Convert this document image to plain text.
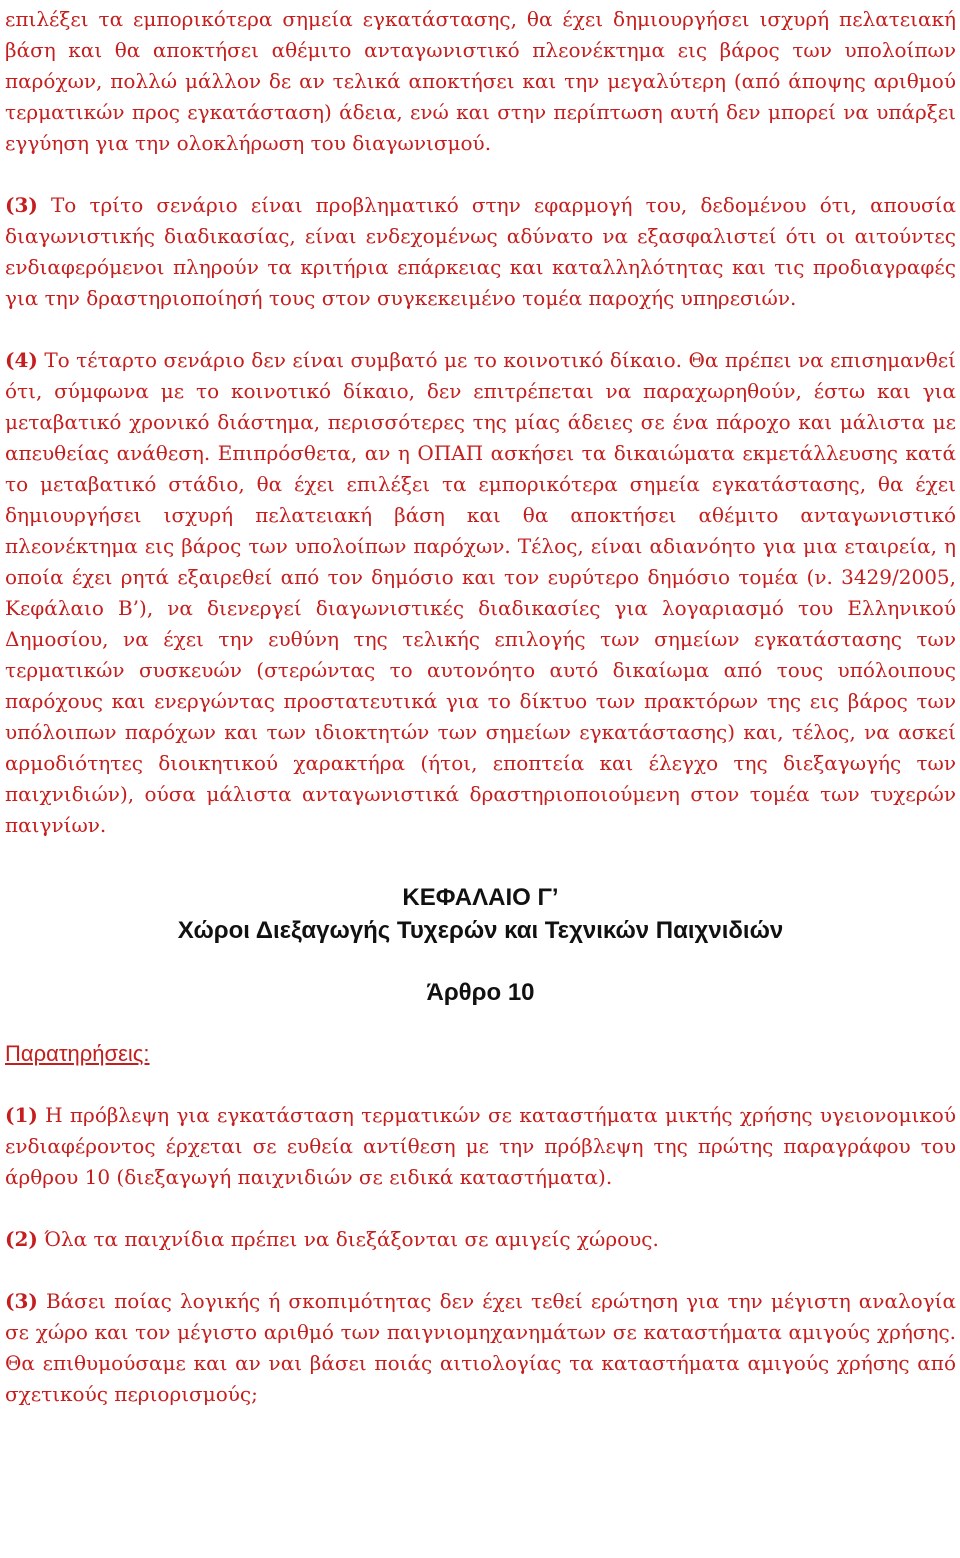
επιλέξει τα εμπορικότερα σημεία εγκατάστασης, θα έχει δημιουργήσει ισχυρή πελατειακή βάση και θα αποκτήσει αθέμιτο ανταγωνιστικό πλεονέκτημα εις βάρος των υπολοίπων παρόχων, πολλώ μάλλον δε αν τελικά αποκτήσει και την μεγαλύτερη (από άποψης αριθμού τερματικών προς εγκατάσταση) άδεια, ενώ και στην περίπτωση αυτή δεν μπορεί να υπάρξει εγγύηση για την ολοκλήρωση του διαγωνισμού.

(3) Το τρίτο σενάριο είναι προβληματικό στην εφαρμογή του, δεδομένου ότι, απουσία διαγωνιστικής διαδικασίας, είναι ενδεχομένως αδύνατο να εξασφαλιστεί ότι οι αιτούντες ενδιαφερόμενοι πληρούν τα κριτήρια επάρκειας και καταλληλότητας και τις προδιαγραφές για την δραστηριοποίησή τους στον συγκεκειμένο τομέα παροχής υπηρεσιών.

(4) Το τέταρτο σενάριο δεν είναι συμβατό με το κοινοτικό δίκαιο. Θα πρέπει να επισημανθεί ότι, σύμφωνα με το κοινοτικό δίκαιο, δεν επιτρέπεται να παραχωρηθούν, έστω και για μεταβατικό χρονικό διάστημα, περισσότερες της μίας άδειες σε ένα πάροχο και μάλιστα με απευθείας ανάθεση. Επιπρόσθετα, αν η ΟΠΑΠ ασκήσει τα δικαιώματα εκμετάλλευσης κατά το μεταβατικό στάδιο, θα έχει επιλέξει τα εμπορικότερα σημεία εγκατάστασης, θα έχει δημιουργήσει ισχυρή πελατειακή βάση και θα αποκτήσει αθέμιτο ανταγωνιστικό πλεονέκτημα εις βάρος των υπολοίπων παρόχων. Τέλος, είναι αδιανόητο για μια εταιρεία, η οποία έχει ρητά εξαιρεθεί από τον δημόσιο και τον ευρύτερο δημόσιο τομέα (ν. 3429/2005, Κεφάλαιο Β’), να διενεργεί διαγωνιστικές διαδικασίες για λογαριασμό του Ελληνικού Δημοσίου, να έχει την ευθύνη της τελικής επιλογής των σημείων εγκατάστασης των τερματικών συσκευών (στερώντας το αυτονόητο αυτό δικαίωμα από τους υπόλοιπους παρόχους και ενεργώντας προστατευτικά για το δίκτυο των πρακτόρων της εις βάρος των υπόλοιπων παρόχων και των ιδιοκτητών των σημείων εγκατάστασης) και, τέλος, να ασκεί αρμοδιότητες διοικητικού χαρακτήρα (ήτοι, εποπτεία και έλεγχο της διεξαγωγής των παιχνιδιών), ούσα μάλιστα ανταγωνιστικά δραστηριοποιούμενη στον τομέα των τυχερών παιγνίων.

ΚΕΦΑΛΑΙΟ Γ’

Χώροι Διεξαγωγής Τυχερών και Τεχνικών Παιχνιδιών

Άρθρο 10

Παρατηρήσεις:

(1) Η πρόβλεψη για εγκατάσταση τερματικών σε καταστήματα μικτής χρήσης υγειονομικού ενδιαφέροντος έρχεται σε ευθεία αντίθεση με την πρόβλεψη της πρώτης παραγράφου του άρθρου 10 (διεξαγωγή παιχνιδιών σε ειδικά καταστήματα).

(2) Όλα τα παιχνίδια πρέπει να διεξάξονται σε αμιγείς χώρους.

(3) Βάσει ποίας λογικής ή σκοπιμότητας δεν έχει τεθεί ερώτηση για την μέγιστη αναλογία σε χώρο και τον μέγιστο αριθμό των παιγνιομηχανημάτων σε καταστήματα αμιγούς χρήσης. Θα επιθυμούσαμε και αν ναι βάσει ποιάς αιτιολογίας τα καταστήματα αμιγούς χρήσης από σχετικούς περιορισμούς;
